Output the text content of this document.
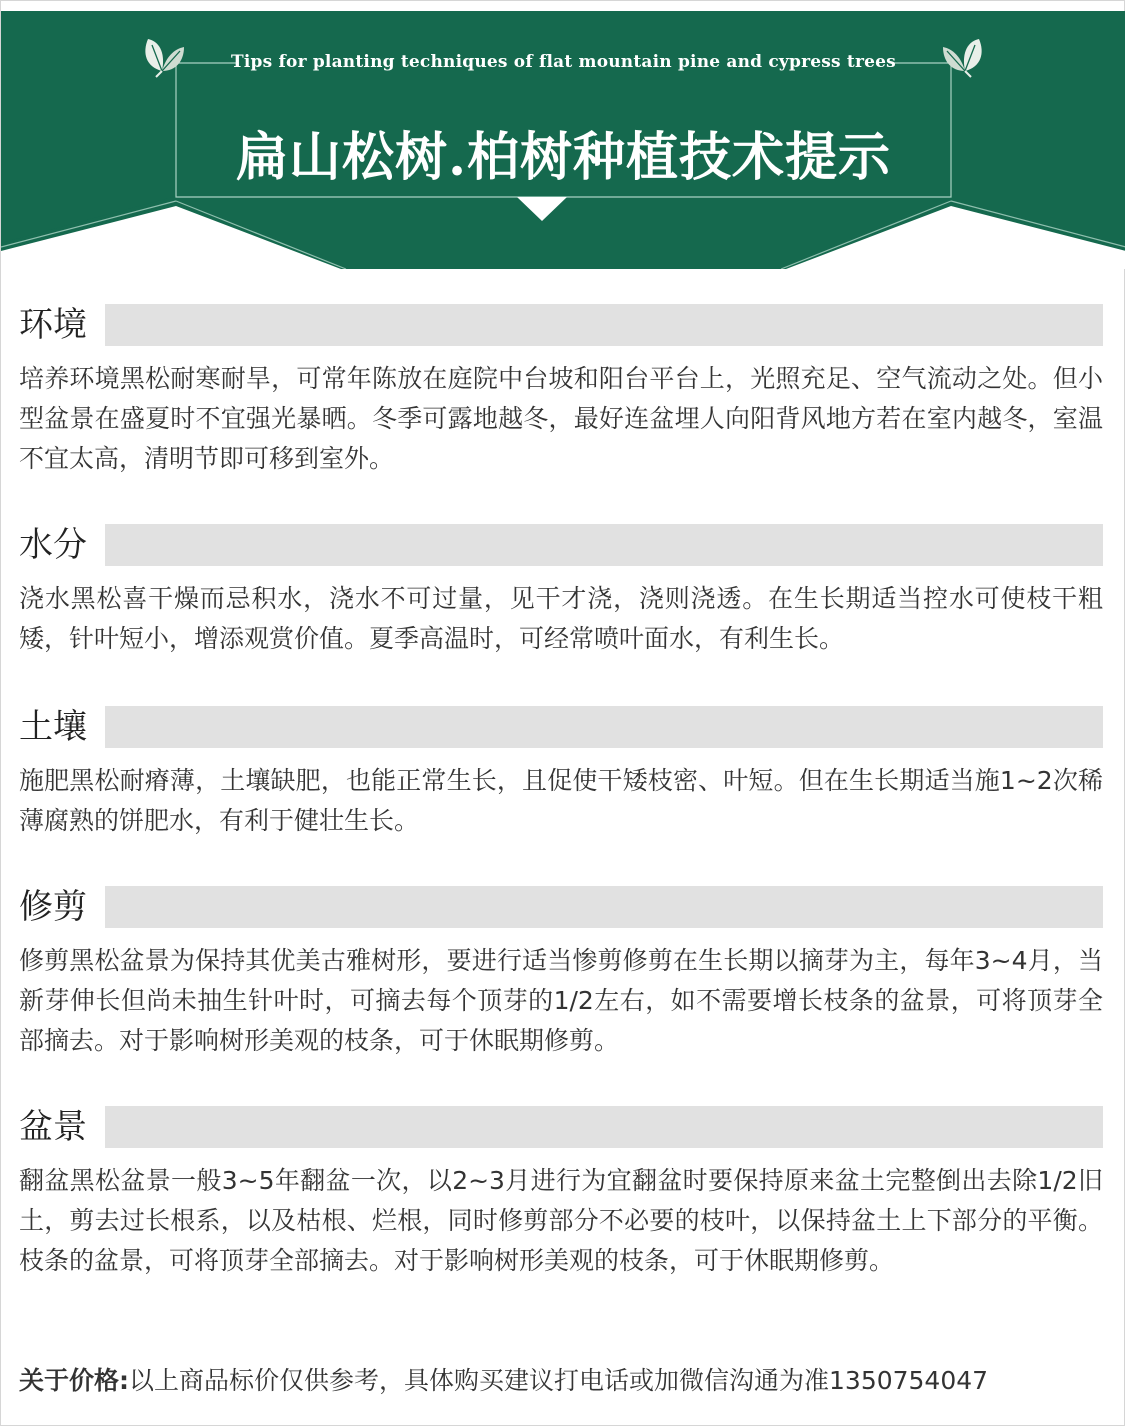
Tips for planting techniques of flat mountain pine and cypress trees
扁山松树.柏树种植技术提示
环境

培养环境黑松耐寒耐旱，可常年陈放在庭院中台坡和阳台平台上，光照充足、空气流动之处。但小型盆景在盛夏时不宜强光暴晒。冬季可露地越冬，最好连盆埋人向阳背风地方若在室内越冬，室温不宜太高，清明节即可移到室外。

水分

浇水黑松喜干燥而忌积水，浇水不可过量，见干才浇，浇则浇透。在生长期适当控水可使枝干粗矮，针叶短小，增添观赏价值。夏季高温时，可经常喷叶面水，有利生长。

土壤

施肥黑松耐瘠薄，土壤缺肥，也能正常生长，且促使干矮枝密、叶短。但在生长期适当施1~2次稀薄腐熟的饼肥水，有利于健壮生长。

修剪

修剪黑松盆景为保持其优美古雅树形，要进行适当惨剪修剪在生长期以摘芽为主，每年3~4月，当新芽伸长但尚未抽生针叶时，可摘去每个顶芽的1/2左右，如不需要增长枝条的盆景，可将顶芽全部摘去。对于影响树形美观的枝条，可于休眠期修剪。

盆景

翻盆黑松盆景一般3~5年翻盆一次，以2~3月进行为宜翻盆时要保持原来盆土完整倒出去除1/2旧土，剪去过长根系，以及枯根、烂根，同时修剪部分不必要的枝叶，以保持盆土上下部分的平衡。枝条的盆景，可将顶芽全部摘去。对于影响树形美观的枝条，可于休眠期修剪。

关于价格:以上商品标价仅供参考，具体购买建议打电话或加微信沟通为准1350754047
